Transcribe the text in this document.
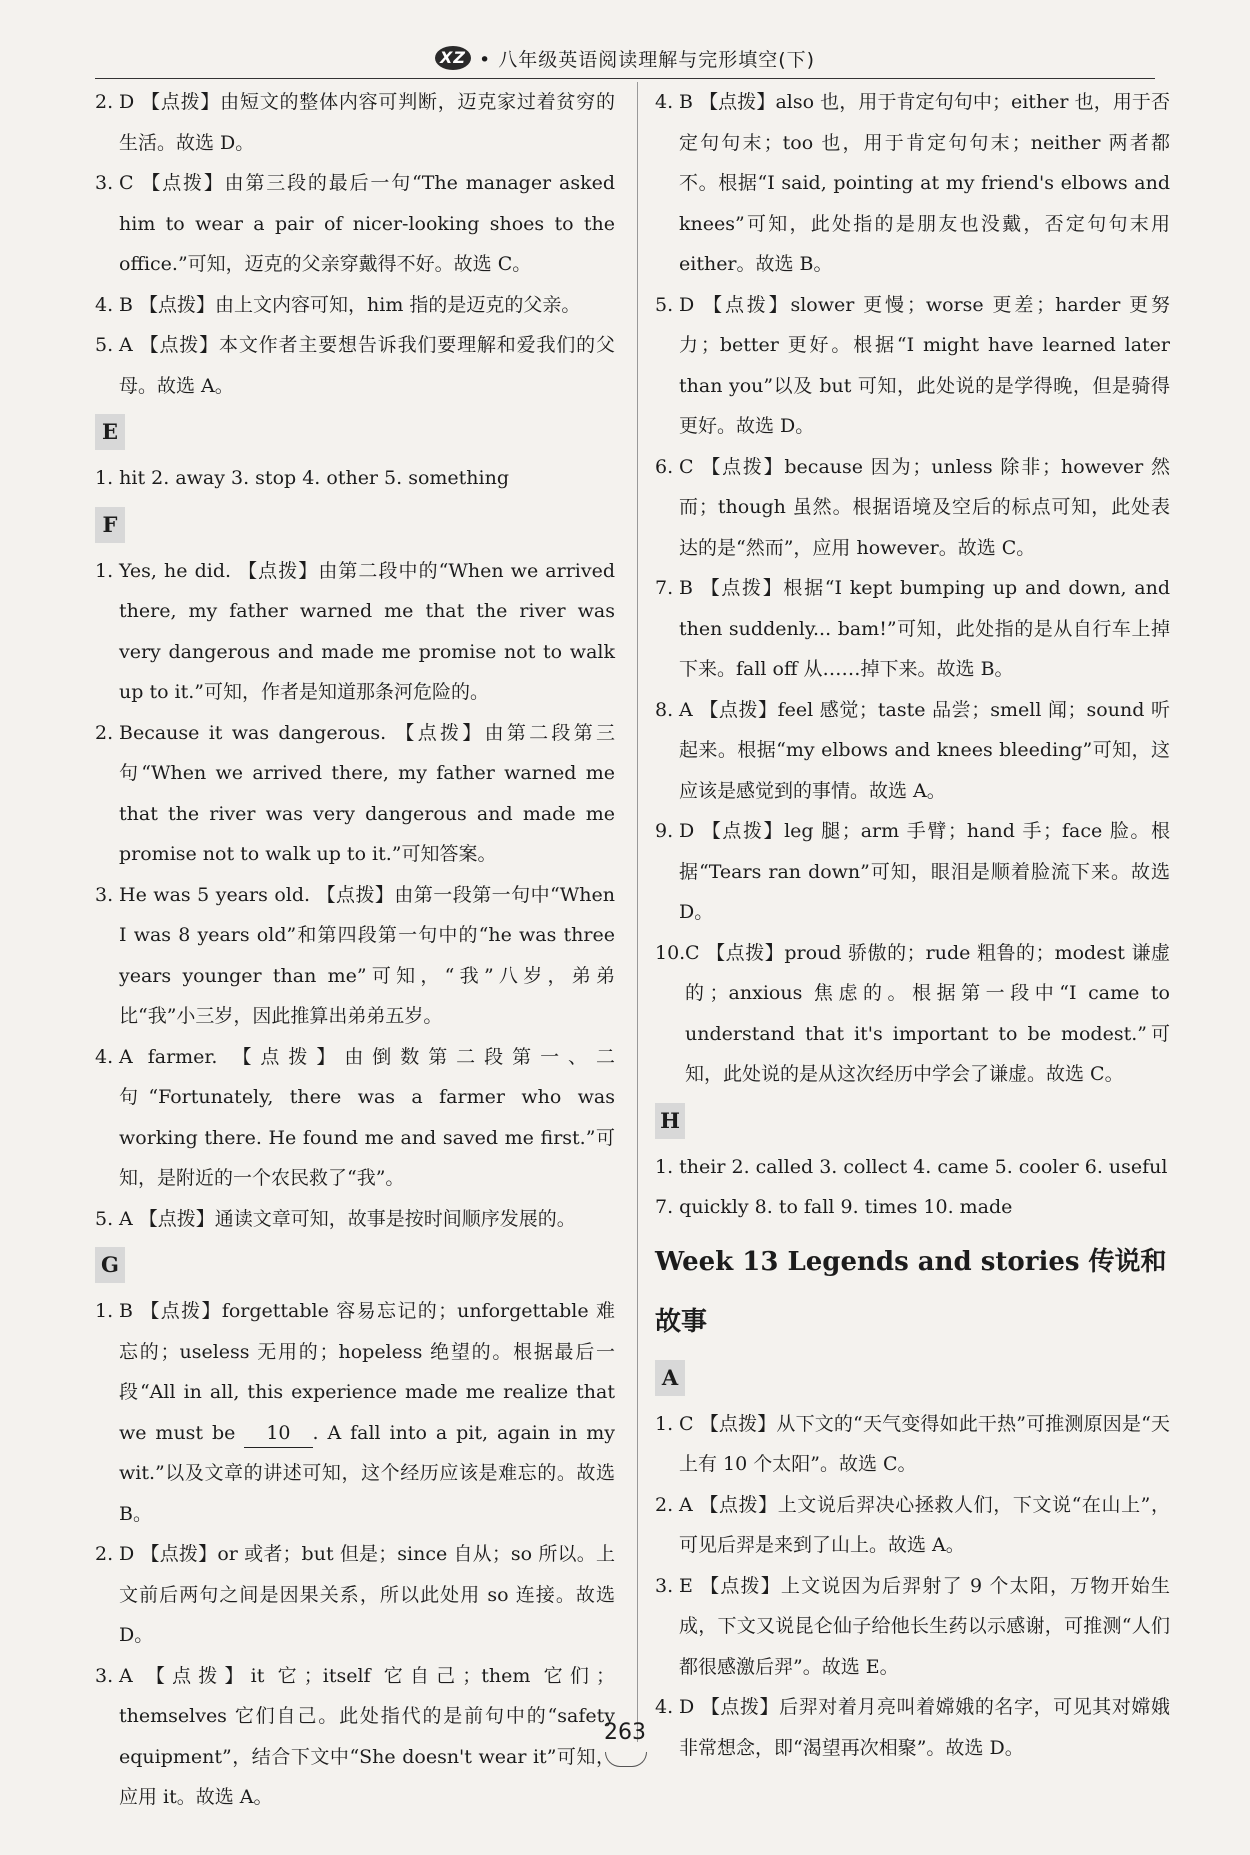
XZ • 八年级英语阅读理解与完形填空(下)
2. D 【点拨】由短文的整体内容可判断，迈克家过着贫穷的生活。故选 D。
3. C 【点拨】由第三段的最后一句“The manager asked him to wear a pair of nicer-looking shoes to the office.”可知，迈克的父亲穿戴得不好。故选 C。
4. B 【点拨】由上文内容可知，him 指的是迈克的父亲。
5. A 【点拨】本文作者主要想告诉我们要理解和爱我们的父母。故选 A。
E
1. hit 2. away 3. stop 4. other 5. something
F
1. Yes, he did. 【点拨】由第二段中的“When we arrived there, my father warned me that the river was very dangerous and made me promise not to walk up to it.”可知，作者是知道那条河危险的。
2. Because it was dangerous. 【点拨】由第二段第三句“When we arrived there, my father warned me that the river was very dangerous and made me promise not to walk up to it.”可知答案。
3. He was 5 years old. 【点拨】由第一段第一句中“When I was 8 years old”和第四段第一句中的“he was three years younger than me”可知，“我”八岁，弟弟比“我”小三岁，因此推算出弟弟五岁。
4. A farmer. 【点拨】由倒数第二段第一、二句“Fortunately, there was a farmer who was working there. He found me and saved me first.”可知，是附近的一个农民救了“我”。
5. A 【点拨】通读文章可知，故事是按时间顺序发展的。
G
1. B 【点拨】forgettable 容易忘记的；unforgettable 难忘的；useless 无用的；hopeless 绝望的。根据最后一段“All in all, this experience made me realize that we must be 10 . A fall into a pit, again in my wit.”以及文章的讲述可知，这个经历应该是难忘的。故选 B。
2. D 【点拨】or 或者；but 但是；since 自从；so 所以。上文前后两句之间是因果关系，所以此处用 so 连接。故选 D。
3. A 【点拨】it 它；itself 它自己；them 它们；themselves 它们自己。此处指代的是前句中的“safety equipment”，结合下文中“She doesn't wear it”可知，应用 it。故选 A。
4. B 【点拨】also 也，用于肯定句句中；either 也，用于否定句句末；too 也，用于肯定句句末；neither 两者都不。根据“I said, pointing at my friend's elbows and knees”可知，此处指的是朋友也没戴，否定句句末用 either。故选 B。
5. D 【点拨】slower 更慢；worse 更差；harder 更努力；better 更好。根据“I might have learned later than you”以及 but 可知，此处说的是学得晚，但是骑得更好。故选 D。
6. C 【点拨】because 因为；unless 除非；however 然而；though 虽然。根据语境及空后的标点可知，此处表达的是“然而”，应用 however。故选 C。
7. B 【点拨】根据“I kept bumping up and down, and then suddenly... bam!”可知，此处指的是从自行车上掉下来。fall off 从……掉下来。故选 B。
8. A 【点拨】feel 感觉；taste 品尝；smell 闻；sound 听起来。根据“my elbows and knees bleeding”可知，这应该是感觉到的事情。故选 A。
9. D 【点拨】leg 腿；arm 手臂；hand 手；face 脸。根据“Tears ran down”可知，眼泪是顺着脸流下来。故选 D。
10. C 【点拨】proud 骄傲的；rude 粗鲁的；modest 谦虚的；anxious 焦虑的。根据第一段中“I came to understand that it's important to be modest.”可知，此处说的是从这次经历中学会了谦虚。故选 C。
H
1. their 2. called 3. collect 4. came 5. cooler 6. useful
7. quickly 8. to fall 9. times 10. made
Week 13 Legends and stories 传说和故事
A
1. C 【点拨】从下文的“天气变得如此干热”可推测原因是“天上有 10 个太阳”。故选 C。
2. A 【点拨】上文说后羿决心拯救人们，下文说“在山上”，可见后羿是来到了山上。故选 A。
3. E 【点拨】上文说因为后羿射了 9 个太阳，万物开始生成，下文又说昆仑仙子给他长生药以示感谢，可推测“人们都很感激后羿”。故选 E。
4. D 【点拨】后羿对着月亮叫着嫦娥的名字，可见其对嫦娥非常想念，即“渴望再次相聚”。故选 D。
263
